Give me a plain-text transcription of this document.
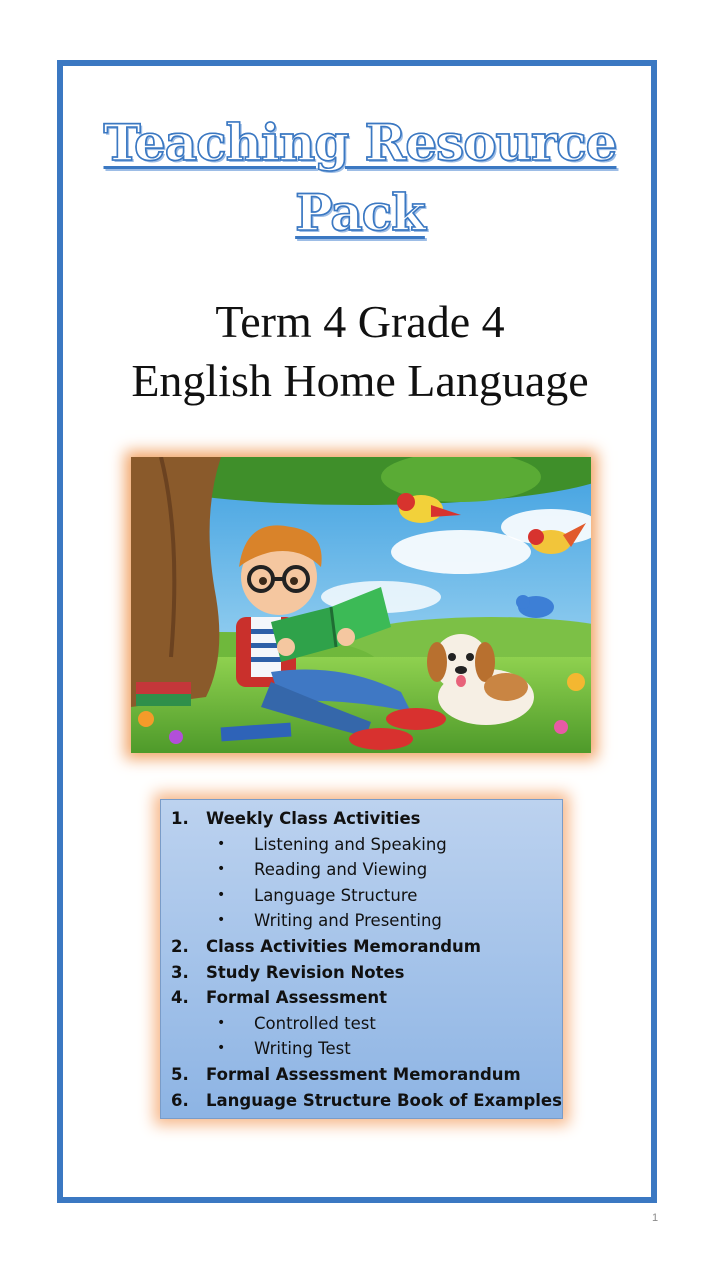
Teaching Resource
Pack
Term 4 Grade 4
English Home Language
1. Weekly Class Activities
• Listening and Speaking
• Reading and Viewing
• Language Structure
• Writing and Presenting
2. Class Activities Memorandum
3. Study Revision Notes
4. Formal Assessment
• Controlled test
• Writing Test
5. Formal Assessment Memorandum
6. Language Structure Book of Examples
1
